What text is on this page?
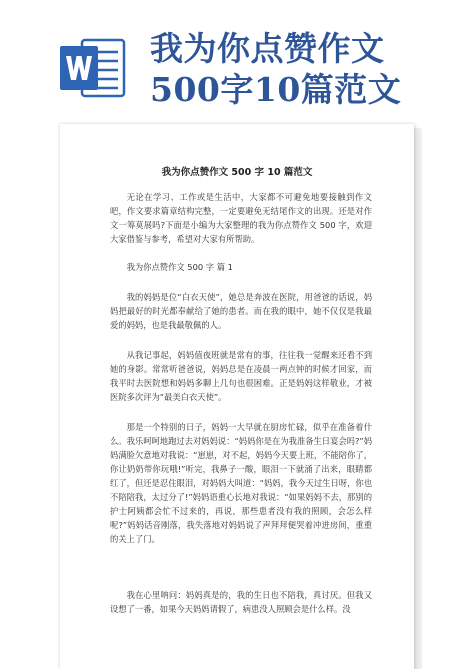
我为你点赞作文500字10篇范文
我为你点赞作文 500 字 10 篇范文

无论在学习、工作或是生活中，大家都不可避免地要接触到作文吧，作文要求篇章结构完整，一定要避免无结尾作文的出现。还是对作文一筹莫展吗?下面是小编为大家整理的我为你点赞作文 500 字，欢迎大家借鉴与参考，希望对大家有所帮助。

我为你点赞作文 500 字 篇 1

我的妈妈是位“白衣天使”，她总是奔波在医院，用爸爸的话说，妈妈把最好的时光都奉献给了她的患者。而在我的眼中，她不仅仅是我最爱的妈妈，也是我最敬佩的人。

从我记事起，妈妈值夜班就是常有的事，往往我一觉醒来还看不到她的身影。常常听爸爸说，妈妈总是在凌晨一两点钟的时候才回家，而我平时去医院想和妈妈多聊上几句也很困难。正是妈妈这样敬业，才被医院多次评为“最美白衣天使”。

那是一个特别的日子，妈妈一大早就在厨房忙碌，似乎在准备着什么。我乐呵呵地跑过去对妈妈说：“妈妈你是在为我准备生日宴会吗?”妈妈满脸欠意地对我说：“崽崽，对不起，妈妈今天要上班，不能陪你了，你让奶奶带你玩哦!”听完，我鼻子一酸，眼泪一下就涌了出来，眼睛都红了，但还是忍住眼泪，对妈妈大叫道：“妈妈，我今天过生日呀，你也不陪陪我，太过分了!”妈妈语重心长地对我说：“如果妈妈不去，那别的护士阿姨都会忙不过来的，再说，那些患者没有我的照顾，会怎么样呢?”妈妈话音刚落，我失落地对妈妈说了声拜拜便哭着冲进房间，重重的关上了门。

我在心里呐问：妈妈真是的，我的生日也不陪我，真讨厌。但我又设想了一番，如果今天妈妈请假了，病患没人照顾会是什么样。没
